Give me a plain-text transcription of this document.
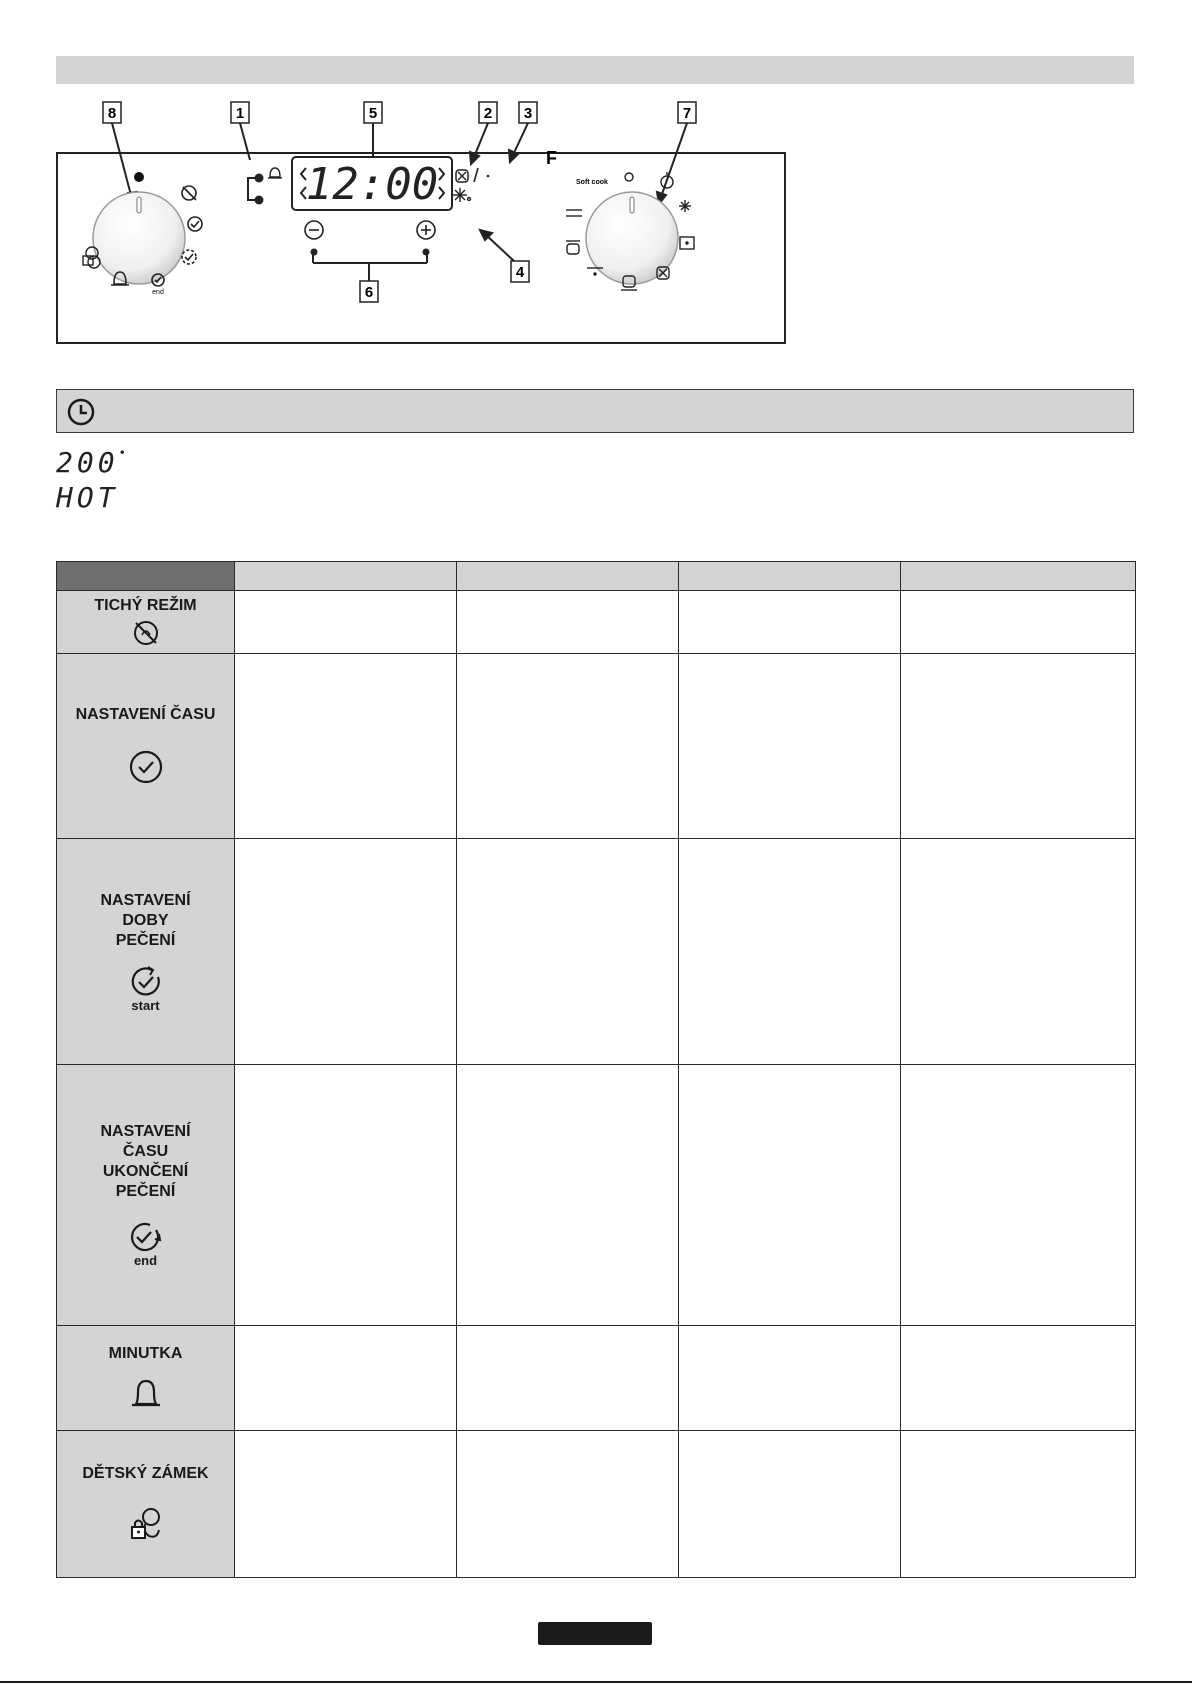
8	1	5	2 3	7
4
6
end
12:00
F
Soft cook
200•
HOT

TICHÝ REŽIM				

NASTAVENÍ ČASU				

NASTAVENÍ
DOBY
PEČENÍ
start				

NASTAVENÍ
ČASU
UKONČENÍ
PEČENÍ
end				

MINUTKA				

DĚTSKÝ ZÁMEK				
